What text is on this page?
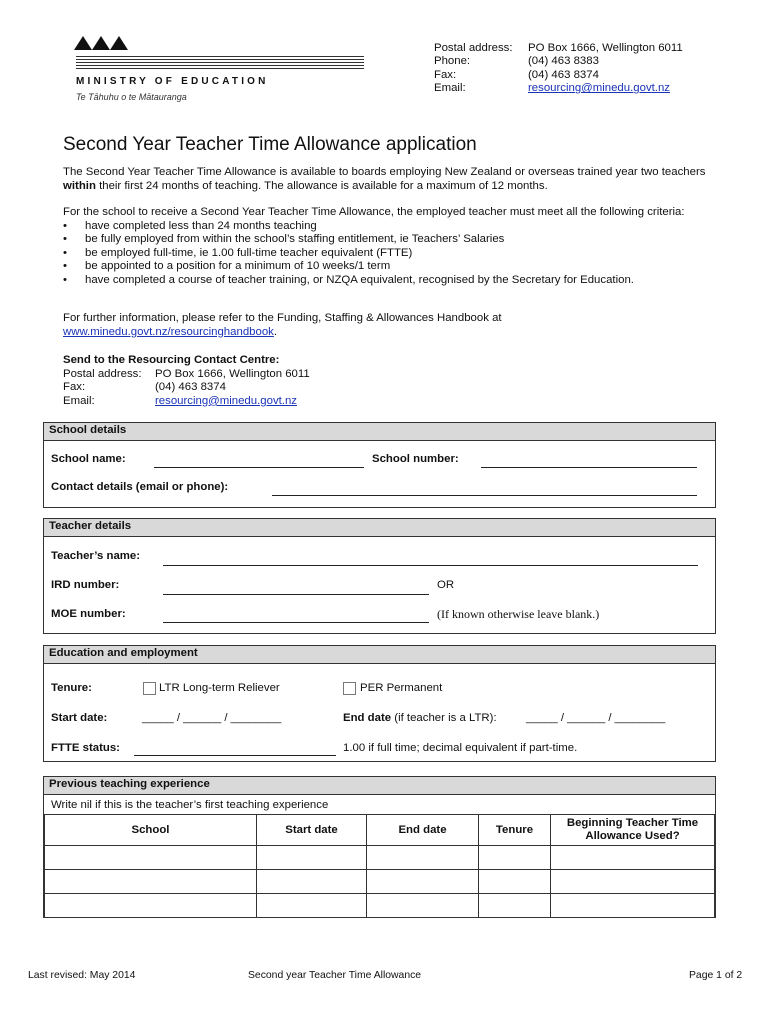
MINISTRY OF EDUCATION
Te Tāhuhu o te Mātauranga
Postal address:	PO Box 1666, Wellington 6011
Phone:	(04) 463 8383
Fax:	(04) 463 8374
Email:	resourcing@minedu.govt.nz
Second Year Teacher Time Allowance application
The Second Year Teacher Time Allowance is available to boards employing New Zealand or overseas trained year two teachers within their first 24 months of teaching. The allowance is available for a maximum of 12 months.
For the school to receive a Second Year Teacher Time Allowance, the employed teacher must meet all the following criteria:
• have completed less than 24 months teaching
• be fully employed from within the school’s staffing entitlement, ie Teachers’ Salaries
• be employed full-time, ie 1.00 full-time teacher equivalent (FTTE)
• be appointed to a position for a minimum of 10 weeks/1 term
• have completed a course of teacher training, or NZQA equivalent, recognised by the Secretary for Education.
For further information, please refer to the Funding, Staffing & Allowances Handbook at
www.minedu.govt.nz/resourcinghandbook.
Send to the Resourcing Contact Centre:
Postal address:	PO Box 1666, Wellington 6011
Fax:	(04) 463 8374
Email:	resourcing@minedu.govt.nz
School details
School name:	School number:
Contact details (email or phone):
Teacher details
Teacher’s name:
IRD number:	OR
MOE number:	(If known otherwise leave blank.)
Education and employment
Tenure:	LTR Long-term Reliever	PER Permanent
Start date:	_____ / ______ / ________	End date (if teacher is a LTR):	_____ / ______ / ________
FTTE status:	1.00 if full time; decimal equivalent if part-time.
Previous teaching experience
Write nil if this is the teacher’s first teaching experience
School	Start date	End date	Tenure	Beginning Teacher Time Allowance Used?

Last revised: May 2014	Second year Teacher Time Allowance	Page 1 of 2
